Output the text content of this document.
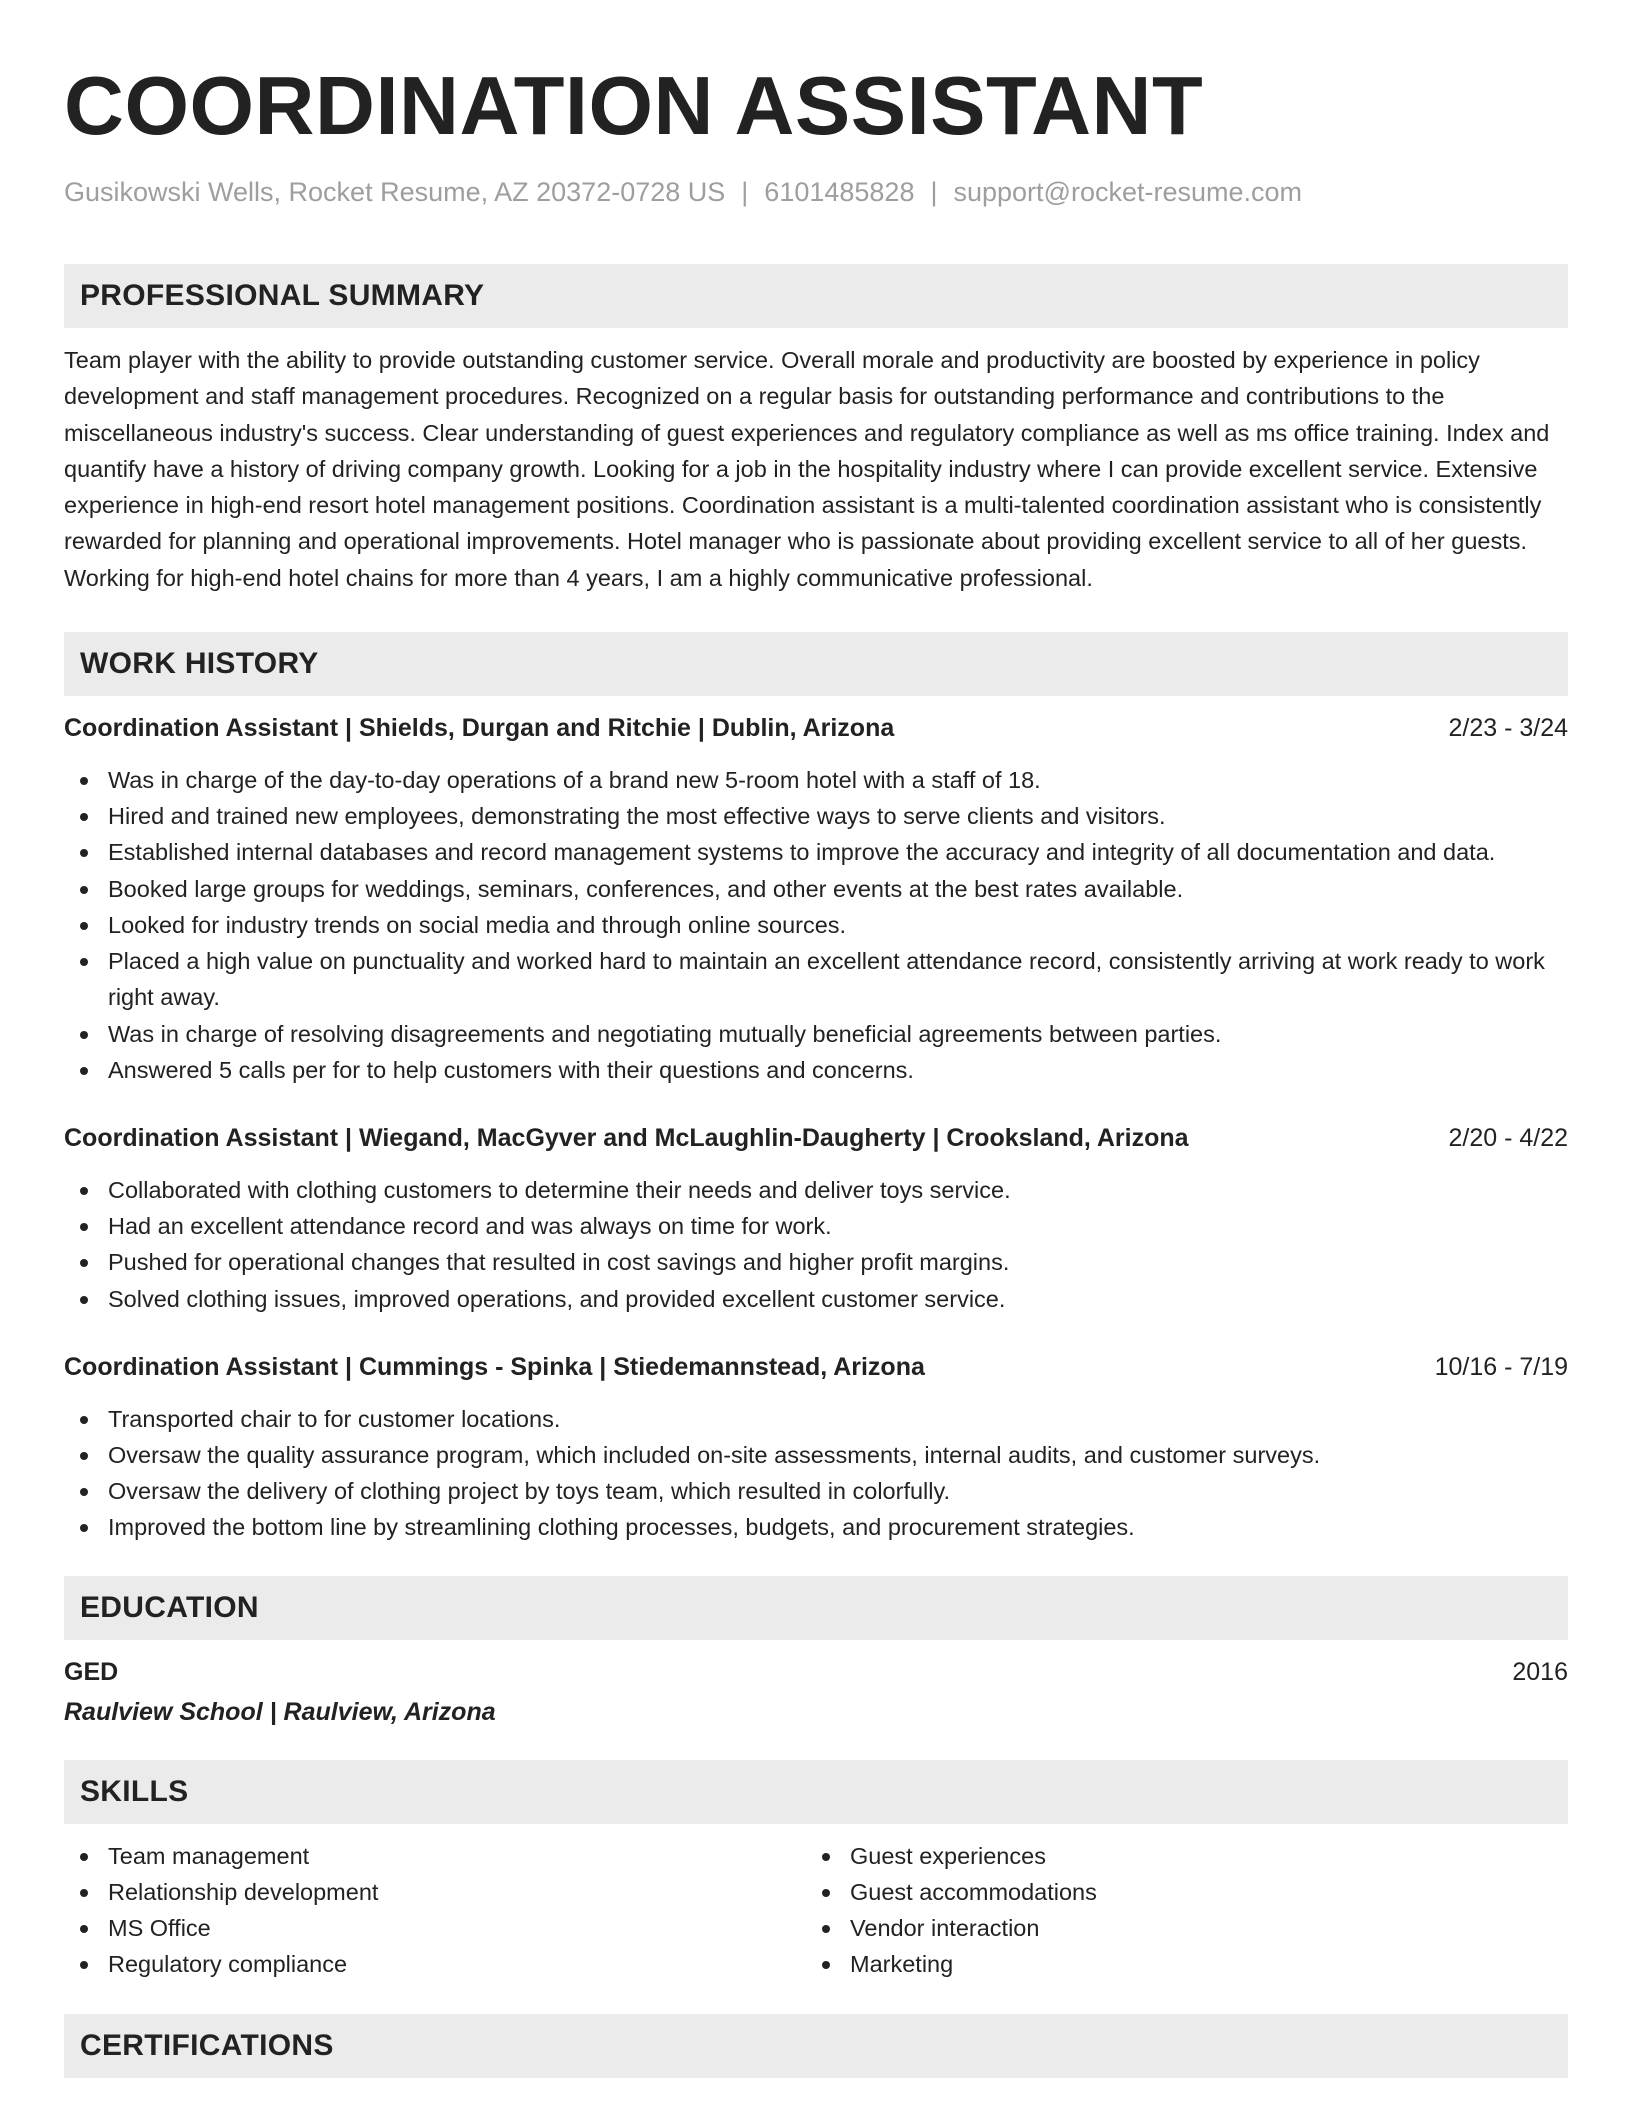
COORDINATION ASSISTANT
Gusikowski Wells, Rocket Resume, AZ 20372-0728 US | 6101485828 | support@rocket-resume.com
PROFESSIONAL SUMMARY

Team player with the ability to provide outstanding customer service. Overall morale and productivity are boosted by experience in policy development and staff management procedures. Recognized on a regular basis for outstanding performance and contributions to the miscellaneous industry's success. Clear understanding of guest experiences and regulatory compliance as well as ms office training. Index and quantify have a history of driving company growth. Looking for a job in the hospitality industry where I can provide excellent service. Extensive experience in high-end resort hotel management positions. Coordination assistant is a multi-talented coordination assistant who is consistently rewarded for planning and operational improvements. Hotel manager who is passionate about providing excellent service to all of her guests. Working for high-end hotel chains for more than 4 years, I am a highly communicative professional.

WORK HISTORY
Coordination Assistant | Shields, Durgan and Ritchie | Dublin, Arizona	2/23 - 3/24
Was in charge of the day-to-day operations of a brand new 5-room hotel with a staff of 18.
Hired and trained new employees, demonstrating the most effective ways to serve clients and visitors.
Established internal databases and record management systems to improve the accuracy and integrity of all documentation and data.
Booked large groups for weddings, seminars, conferences, and other events at the best rates available.
Looked for industry trends on social media and through online sources.
Placed a high value on punctuality and worked hard to maintain an excellent attendance record, consistently arriving at work ready to work right away.
Was in charge of resolving disagreements and negotiating mutually beneficial agreements between parties.
Answered 5 calls per for to help customers with their questions and concerns.
Coordination Assistant | Wiegand, MacGyver and McLaughlin-Daugherty | Crooksland, Arizona	2/20 - 4/22
Collaborated with clothing customers to determine their needs and deliver toys service.
Had an excellent attendance record and was always on time for work.
Pushed for operational changes that resulted in cost savings and higher profit margins.
Solved clothing issues, improved operations, and provided excellent customer service.
Coordination Assistant | Cummings - Spinka | Stiedemannstead, Arizona	10/16 - 7/19
Transported chair to for customer locations.
Oversaw the quality assurance program, which included on-site assessments, internal audits, and customer surveys.
Oversaw the delivery of clothing project by toys team, which resulted in colorfully.
Improved the bottom line by streamlining clothing processes, budgets, and procurement strategies.
EDUCATION
GED	2016
Raulview School | Raulview, Arizona
SKILLS
Team management
Relationship development
MS Office
Regulatory compliance
Guest experiences
Guest accommodations
Vendor interaction
Marketing
CERTIFICATIONS
